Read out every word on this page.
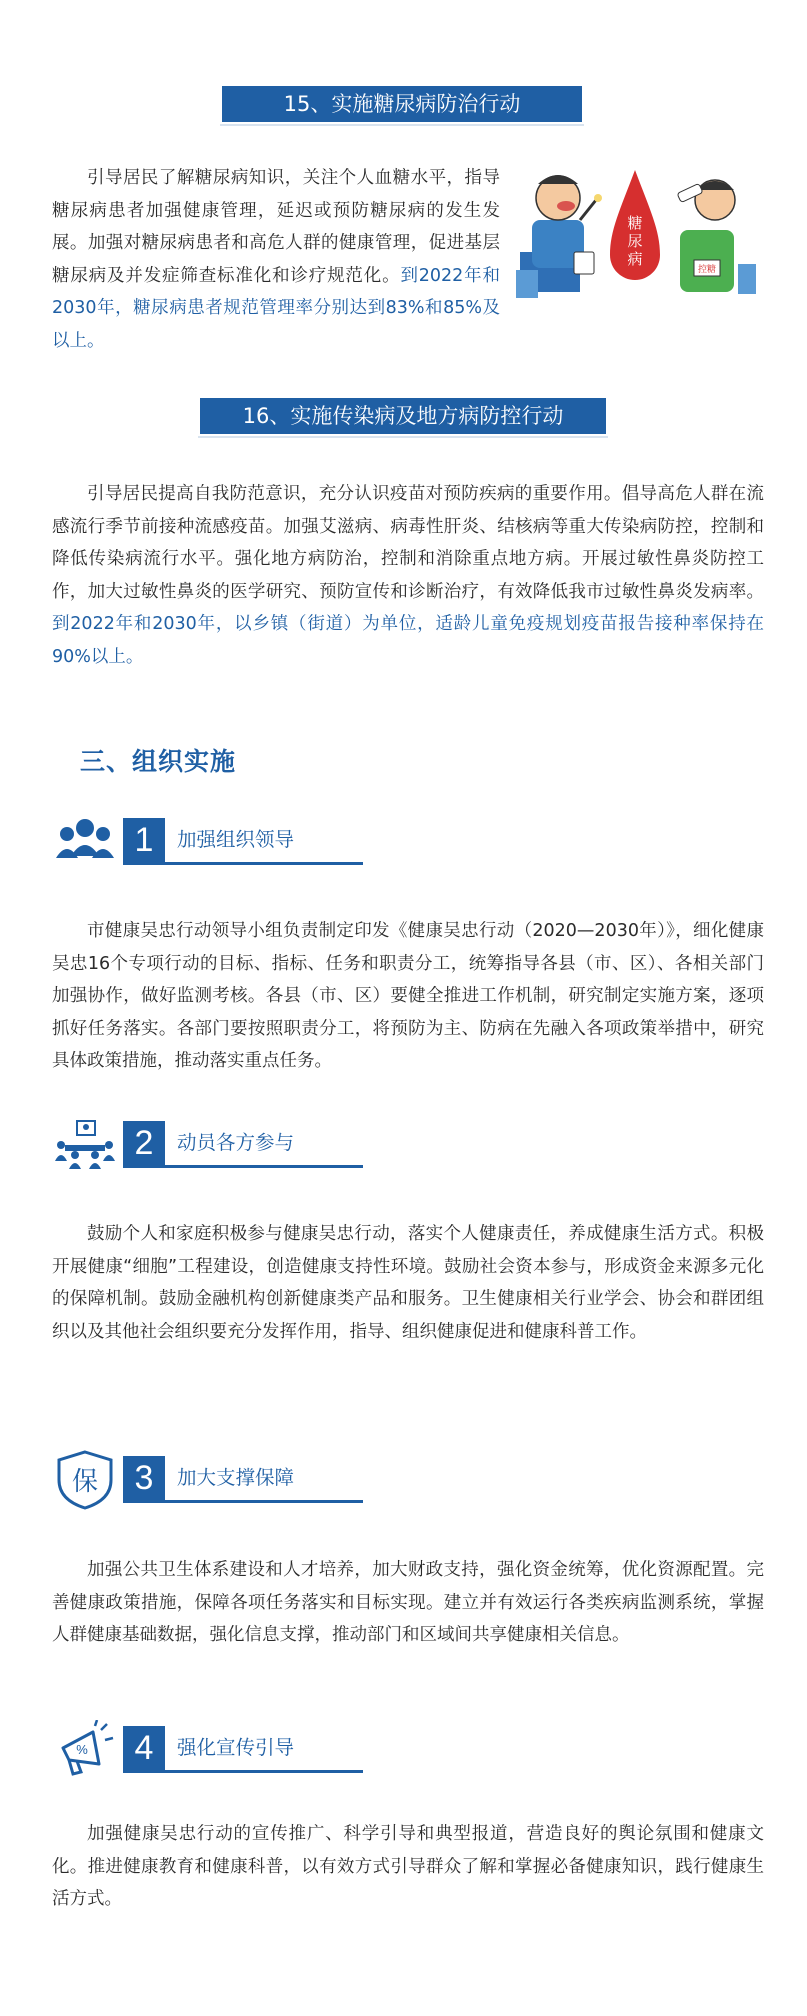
15、实施糖尿病防治行动

引导居民了解糖尿病知识，关注个人血糖水平，指导糖尿病患者加强健康管理，延迟或预防糖尿病的发生发展。加强对糖尿病患者和高危人群的健康管理，促进基层糖尿病及并发症筛查标准化和诊疗规范化。到2022年和2030年，糖尿病患者规范管理率分别达到83%和85%及以上。

糖
尿
病
控糖
16、实施传染病及地方病防控行动

引导居民提高自我防范意识，充分认识疫苗对预防疾病的重要作用。倡导高危人群在流感流行季节前接种流感疫苗。加强艾滋病、病毒性肝炎、结核病等重大传染病防控，控制和降低传染病流行水平。强化地方病防治，控制和消除重点地方病。开展过敏性鼻炎防控工作，加大过敏性鼻炎的医学研究、预防宣传和诊断治疗，有效降低我市过敏性鼻炎发病率。到2022年和2030年，以乡镇（街道）为单位，适龄儿童免疫规划疫苗报告接种率保持在90%以上。

三、组织实施
1	加强组织领导

市健康吴忠行动领导小组负责制定印发《健康吴忠行动（2020—2030年）》，细化健康吴忠16个专项行动的目标、指标、任务和职责分工，统筹指导各县（市、区）、各相关部门加强协作，做好监测考核。各县（市、区）要健全推进工作机制，研究制定实施方案，逐项抓好任务落实。各部门要按照职责分工，将预防为主、防病在先融入各项政策举措中，研究具体政策措施，推动落实重点任务。

2	动员各方参与

鼓励个人和家庭积极参与健康吴忠行动，落实个人健康责任，养成健康生活方式。积极开展健康“细胞”工程建设，创造健康支持性环境。鼓励社会资本参与，形成资金来源多元化的保障机制。鼓励金融机构创新健康类产品和服务。卫生健康相关行业学会、协会和群团组织以及其他社会组织要充分发挥作用，指导、组织健康促进和健康科普工作。

保	3	加大支撑保障

加强公共卫生体系建设和人才培养，加大财政支持，强化资金统筹，优化资源配置。完善健康政策措施，保障各项任务落实和目标实现。建立并有效运行各类疾病监测系统，掌握人群健康基础数据，强化信息支撑，推动部门和区域间共享健康相关信息。

%	4	强化宣传引导

加强健康吴忠行动的宣传推广、科学引导和典型报道，营造良好的舆论氛围和健康文化。推进健康教育和健康科普，以有效方式引导群众了解和掌握必备健康知识，践行健康生活方式。
